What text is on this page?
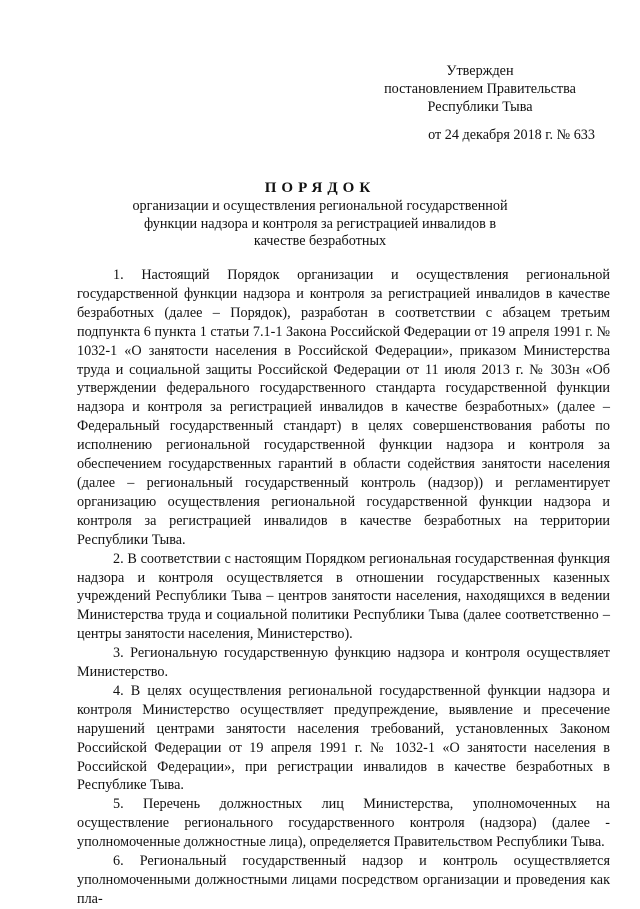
Утвержден
постановлением Правительства
Республики Тыва
от 24 декабря 2018 г. № 633
ПОРЯДОК
организации и осуществления региональной государственной функции надзора и контроля за регистрацией инвалидов в качестве безработных

1. Настоящий Порядок организации и осуществления региональной государственной функции надзора и контроля за регистрацией инвалидов в качестве безработных (далее – Порядок), разработан в соответствии с абзацем третьим подпункта 6 пункта 1 статьи 7.1-1 Закона Российской Федерации от 19 апреля 1991 г. № 1032-1 «О занятости населения в Российской Федерации», приказом Министерства труда и социальной защиты Российской Федерации от 11 июля 2013 г. № 303н «Об утверждении федерального государственного стандарта государственной функции надзора и контроля за регистрацией инвалидов в качестве безработных» (далее – Федеральный государственный стандарт) в целях совершенствования работы по исполнению региональной государственной функции надзора и контроля за обеспечением государственных гарантий в области содействия занятости населения (далее – региональный государственный контроль (надзор)) и регламентирует организацию осуществления региональной государственной функции надзора и контроля за регистрацией инвалидов в качестве безработных на территории Республики Тыва.

2. В соответствии с настоящим Порядком региональная государственная функция надзора и контроля осуществляется в отношении государственных казенных учреждений Республики Тыва – центров занятости населения, находящихся в ведении Министерства труда и социальной политики Республики Тыва (далее соответственно – центры занятости населения, Министерство).

3. Региональную государственную функцию надзора и контроля осуществляет Министерство.

4. В целях осуществления региональной государственной функции надзора и контроля Министерство осуществляет предупреждение, выявление и пресечение нарушений центрами занятости населения требований, установленных Законом Российской Федерации от 19 апреля 1991 г. № 1032-1 «О занятости населения в Российской Федерации», при регистрации инвалидов в качестве безработных в Республике Тыва.

5. Перечень должностных лиц Министерства, уполномоченных на осуществление регионального государственного контроля (надзора) (далее - уполномоченные должностные лица), определяется Правительством Республики Тыва.

6. Региональный государственный надзор и контроль осуществляется уполномоченными должностными лицами посредством организации и проведения как пла-
